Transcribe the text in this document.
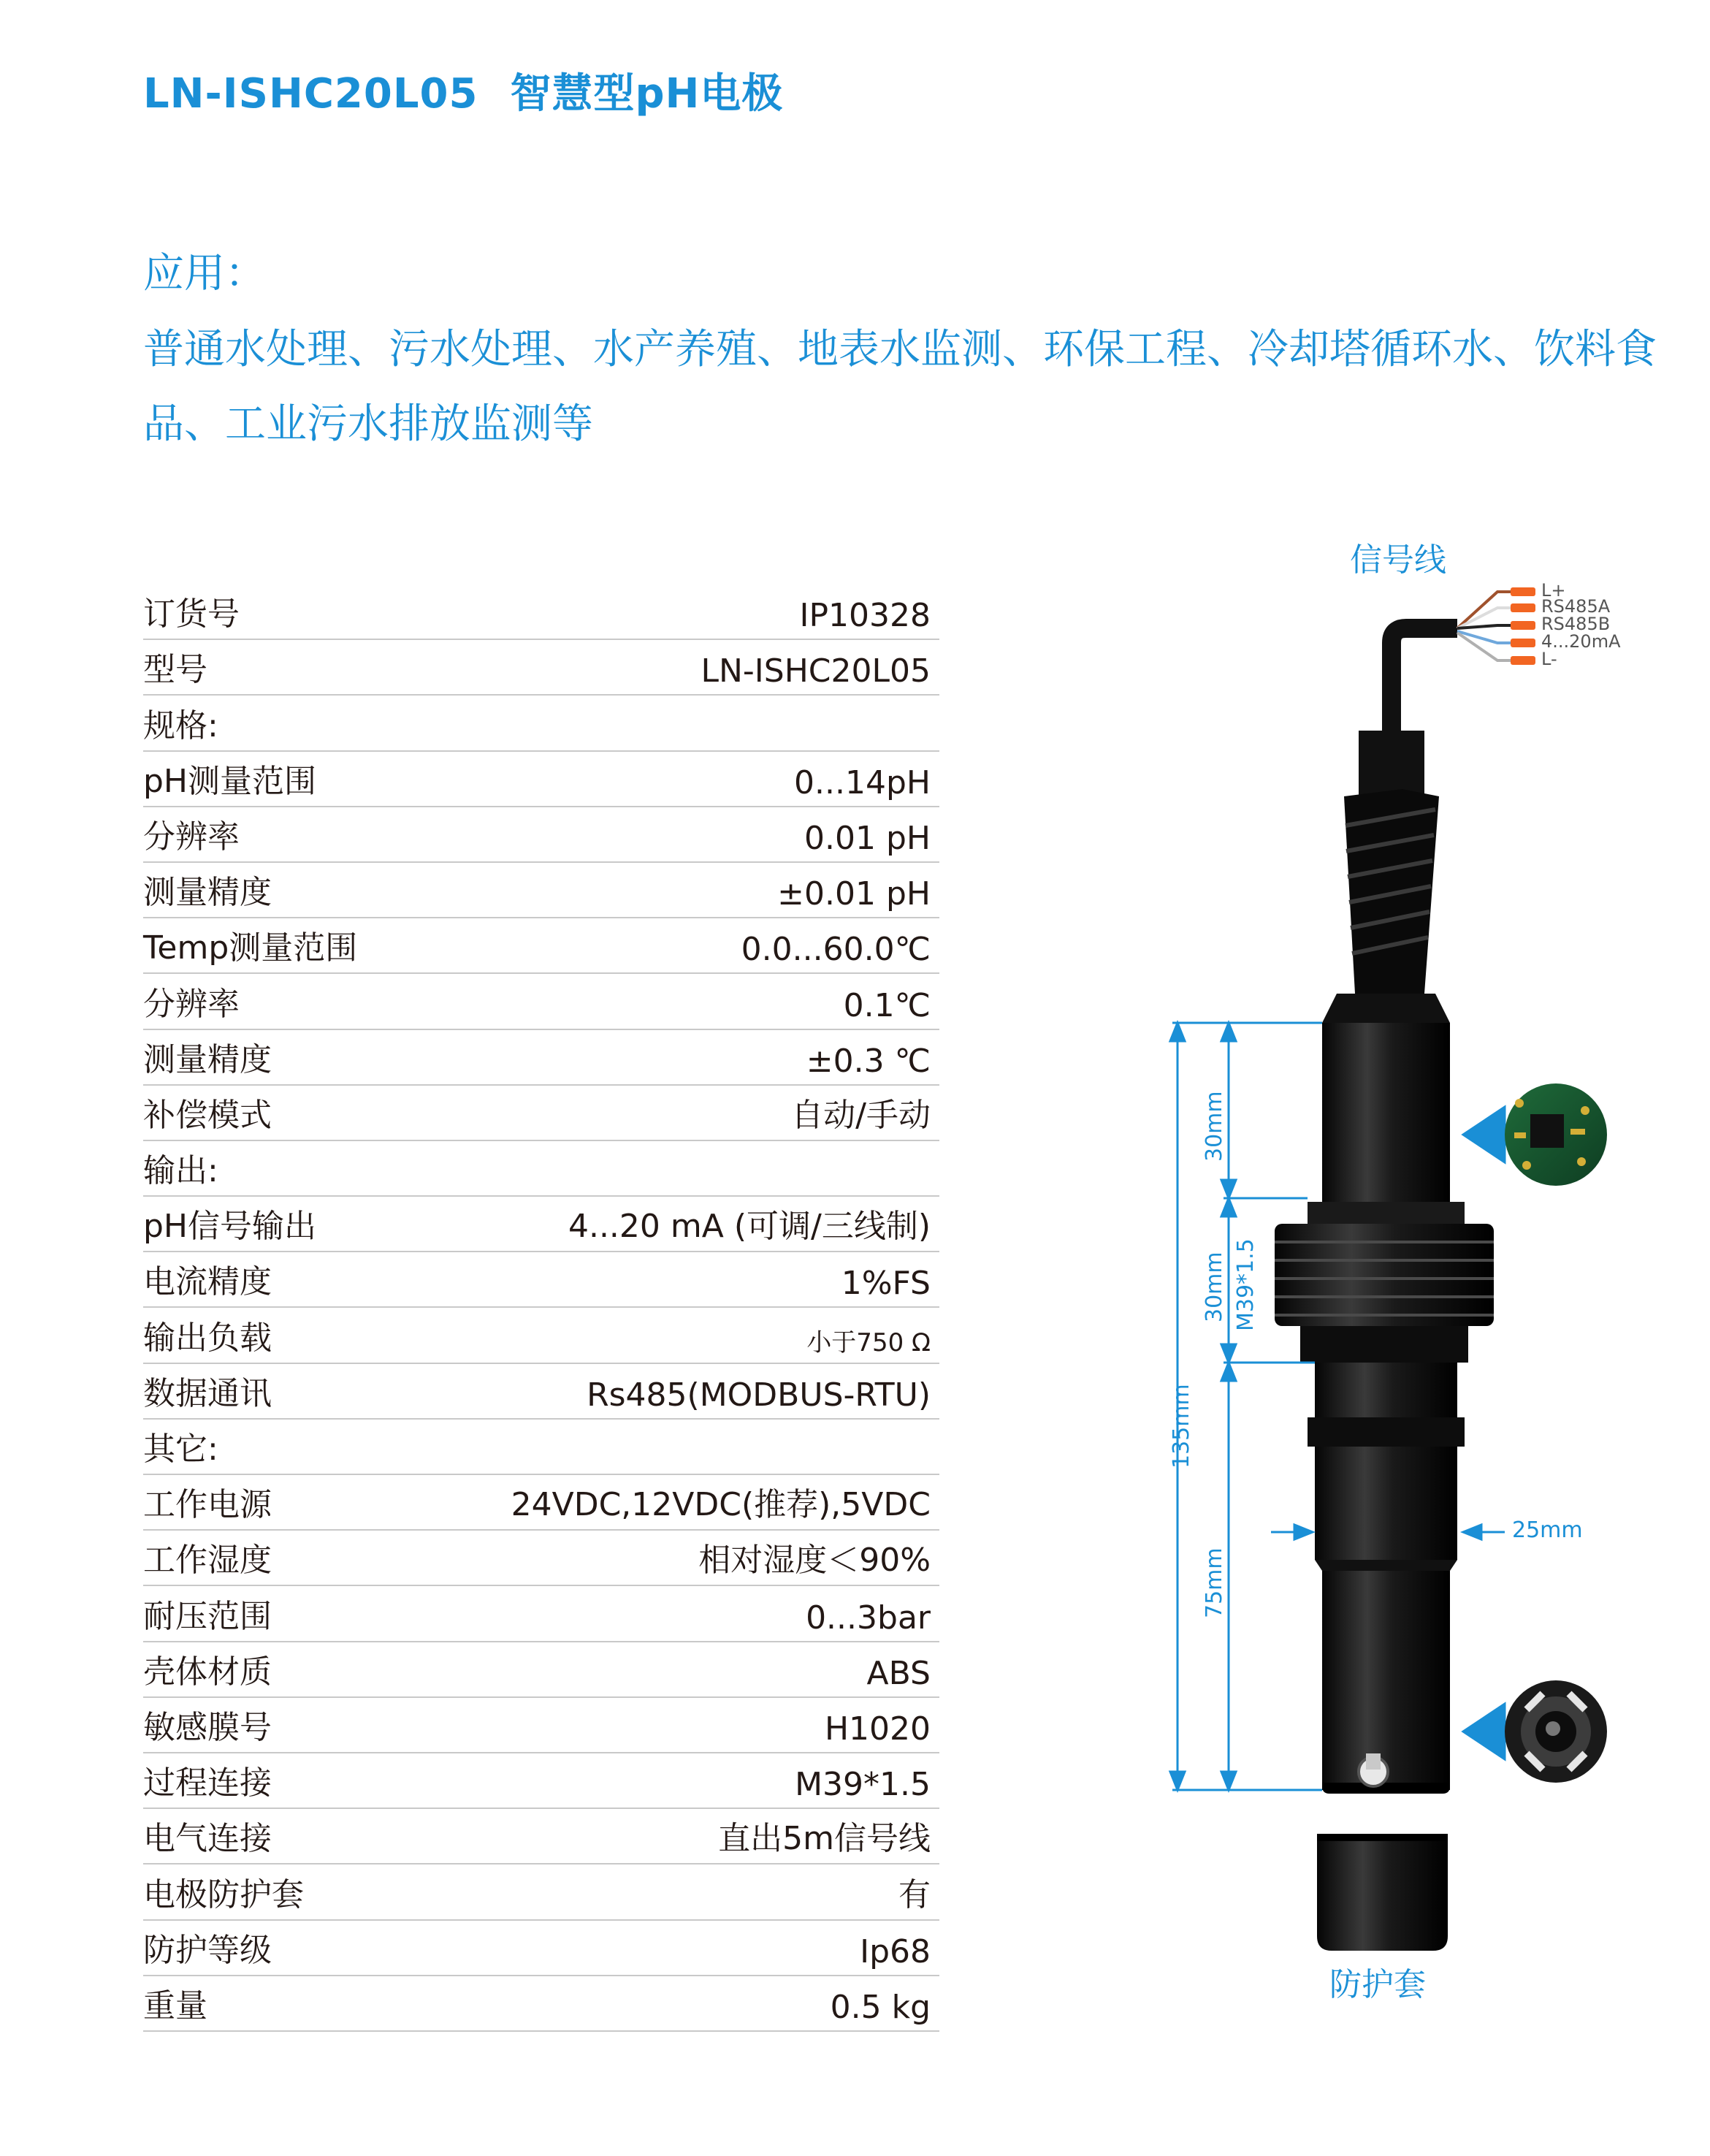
LN-ISHC20L05 智慧型pH电极
应用：
普通水处理、污水处理、水产养殖、地表水监测、环保工程、冷却塔循环水、饮料食品、工业污水排放监测等
订货号	IP10328
型号	LN-ISHC20L05
规格:
pH测量范围	0...14pH
分辨率	0.01 pH
测量精度	±0.01 pH
Temp测量范围	0.0...60.0℃
分辨率	0.1℃
测量精度	±0.3 ℃
补偿模式	自动/手动
输出:
pH信号输出	4...20 mA (可调/三线制)
电流精度	1%FS
输出负载	小于750 Ω
数据通讯	Rs485(MODBUS-RTU)
其它:
工作电源	24VDC,12VDC(推荐),5VDC
工作湿度	相对湿度＜90%
耐压范围	0...3bar
壳体材质	ABS
敏感膜号	H1020
过程连接	M39*1.5
电气连接	直出5m信号线
电极防护套	有
防护等级	Ip68
重量	0.5 kg
信号线
防护套
L+
RS485A
RS485B
4...20mA
L-
135mm
30mm
30mm M39*1.5
75mm
25mm
